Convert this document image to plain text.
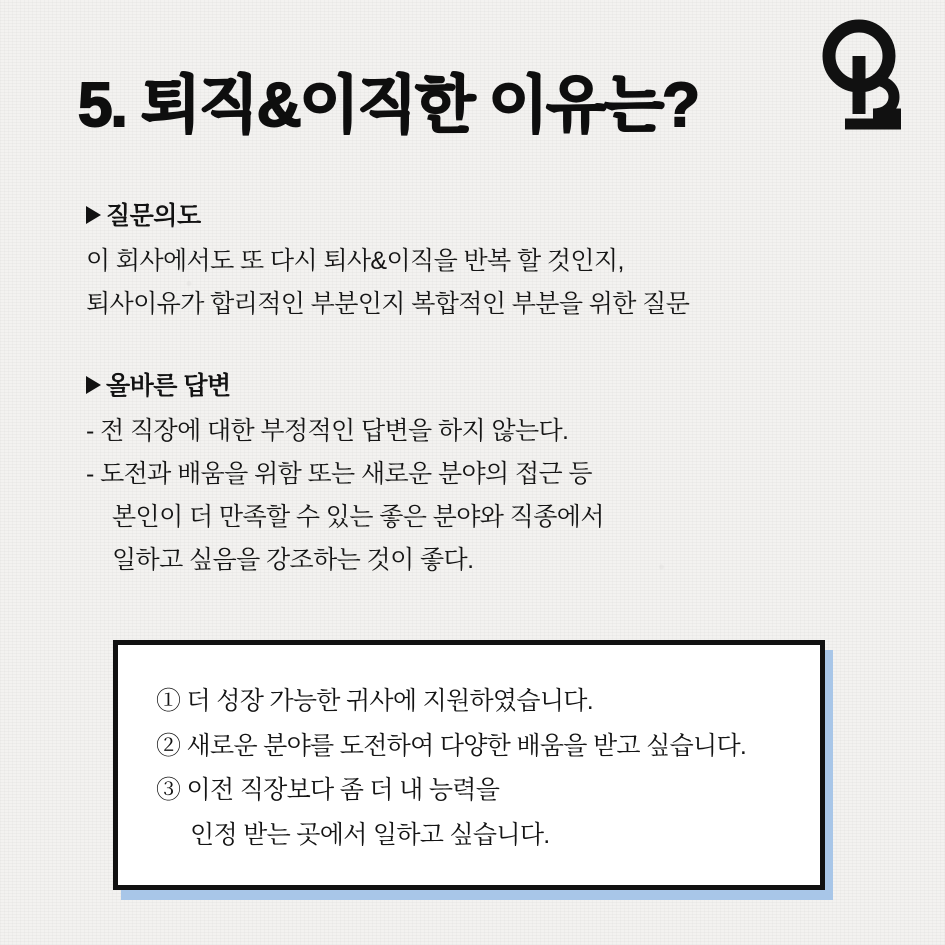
5. 퇴직&이직한 이유는?
질문의도
이 회사에서도 또 다시 퇴사&이직을 반복 할 것인지,
퇴사이유가 합리적인 부분인지 복합적인 부분을 위한 질문
올바른 답변
- 전 직장에 대한 부정적인 답변을 하지 않는다.
- 도전과 배움을 위함 또는 새로운 분야의 접근 등
본인이 더 만족할 수 있는 좋은 분야와 직종에서
일하고 싶음을 강조하는 것이 좋다.
① 더 성장 가능한 귀사에 지원하였습니다.
② 새로운 분야를 도전하여 다양한 배움을 받고 싶습니다.
③ 이전 직장보다 좀 더 내 능력을
인정 받는 곳에서 일하고 싶습니다.
